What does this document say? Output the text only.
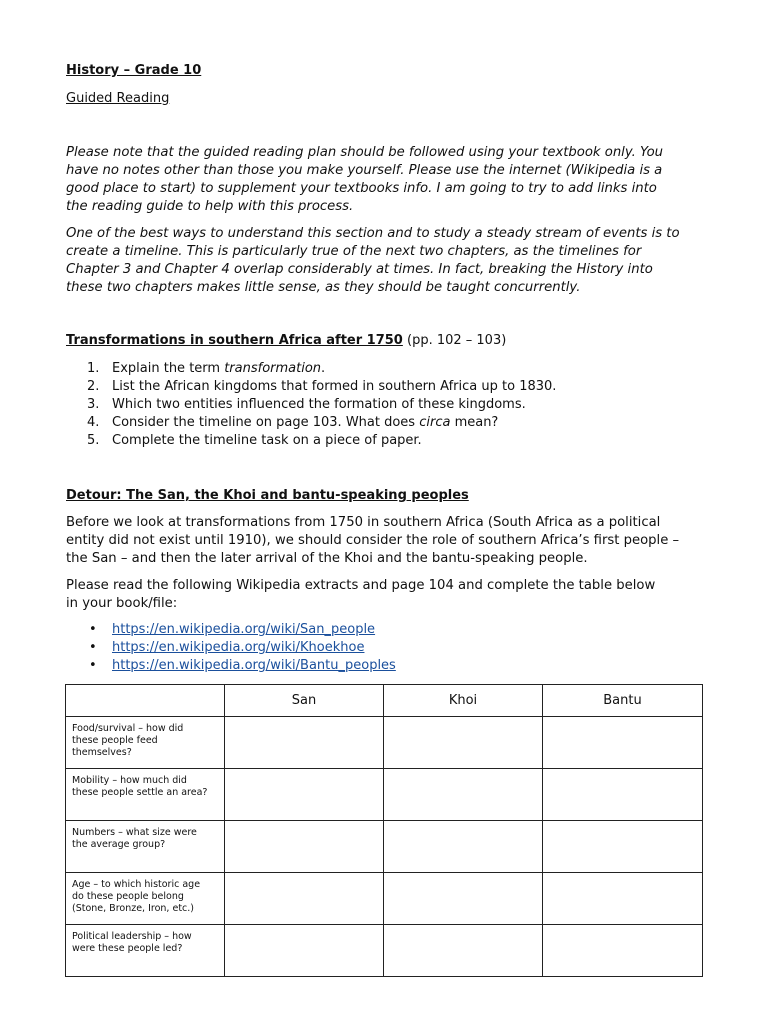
History – Grade 10
Guided Reading

Please note that the guided reading plan should be followed using your textbook only. You
have no notes other than those you make yourself. Please use the internet (Wikipedia is a
good place to start) to supplement your textbooks info. I am going to try to add links into
the reading guide to help with this process.

One of the best ways to understand this section and to study a steady stream of events is to
create a timeline. This is particularly true of the next two chapters, as the timelines for
Chapter 3 and Chapter 4 overlap considerably at times. In fact, breaking the History into
these two chapters makes little sense, as they should be taught concurrently.

Transformations in southern Africa after 1750 (pp. 102 – 103)
1. Explain the term transformation.
2. List the African kingdoms that formed in southern Africa up to 1830.
3. Which two entities influenced the formation of these kingdoms.
4. Consider the timeline on page 103. What does circa mean?
5. Complete the timeline task on a piece of paper.
Detour: The San, the Khoi and bantu-speaking peoples

Before we look at transformations from 1750 in southern Africa (South Africa as a political
entity did not exist until 1910), we should consider the role of southern Africa’s first people –
the San – and then the later arrival of the Khoi and the bantu-speaking people.

Please read the following Wikipedia extracts and page 104 and complete the table below
in your book/file:

• https://en.wikipedia.org/wiki/San_people
• https://en.wikipedia.org/wiki/Khoekhoe
• https://en.wikipedia.org/wiki/Bantu_peoples
	San	Khoi	Bantu

Food/survival – how did
these people feed
themselves?			

Mobility – how much did
these people settle an area?			

Numbers – what size were
the average group?			

Age – to which historic age
do these people belong
(Stone, Bronze, Iron, etc.)			

Political leadership – how
were these people led?			
